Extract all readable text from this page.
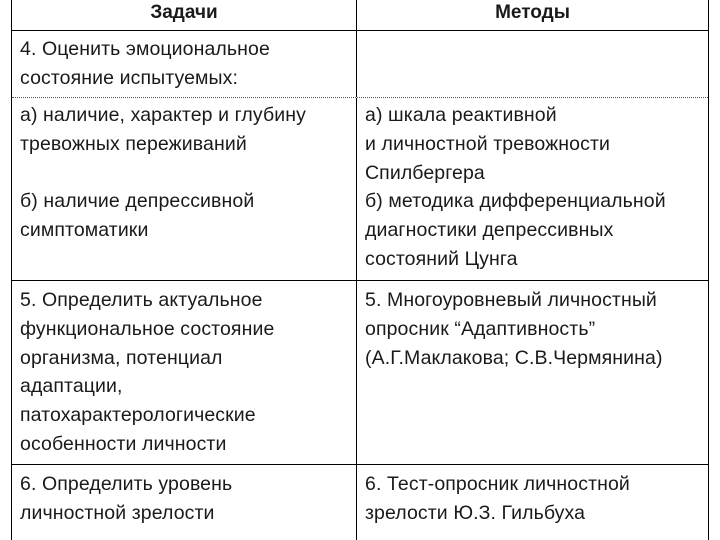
Задачи	Методы
4. Оценить эмоциональное
состояние испытуемых:
а) наличие, характер и глубину
тревожных переживаний

б) наличие депрессивной
симптоматики
а) шкала реактивной
и личностной тревожности
Спилбергера
б) методика дифференциальной
диагностики депрессивных
состояний Цунга
5. Определить актуальное
функциональное состояние
организма, потенциал
адаптации,
патохарактерологические
особенности личности
5. Многоуровневый личностный
опросник “Адаптивность”
(А.Г.Маклакова; С.В.Чермянина)
6. Определить уровень
личностной зрелости
6. Тест-опросник личностной
зрелости Ю.З. Гильбуха
